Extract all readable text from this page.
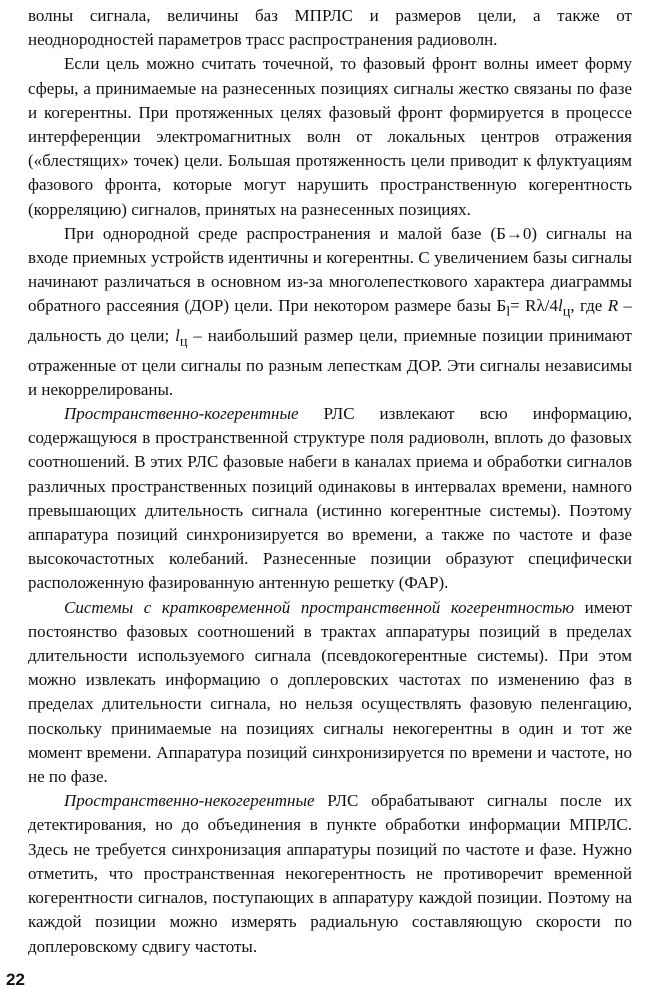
волны сигнала, величины баз МПРЛС и размеров цели, а также от неоднородностей параметров трасс распространения радиоволн.

Если цель можно считать точечной, то фазовый фронт волны имеет форму сферы, а принимаемые на разнесенных позициях сигналы жестко связаны по фазе и когерентны. При протяженных целях фазовый фронт формируется в процессе интерференции электромагнитных волн от локальных центров отражения («блестящих» точек) цели. Большая протяженность цели приводит к флуктуациям фазового фронта, которые могут нарушить пространственную когерентность (корреляцию) сигналов, принятых на разнесенных позициях.

При однородной среде распространения и малой базе (Б→0) сигналы на входе приемных устройств идентичны и когерентны. С увеличением базы сигналы начинают различаться в основном из-за многолепесткового характера диаграммы обратного рассеяния (ДОР) цели. При некотором размере базы $Б_l= R\lambda/4l_ц$, где R – дальность до цели; $l_ц$ – наибольший размер цели, приемные позиции принимают отраженные от цели сигналы по разным лепесткам ДОР. Эти сигналы независимы и некоррелированы.

Пространственно-когерентные РЛС извлекают всю информацию, содержащуюся в пространственной структуре поля радиоволн, вплоть до фазовых соотношений. В этих РЛС фазовые набеги в каналах приема и обработки сигналов различных пространственных позиций одинаковы в интервалах времени, намного превышающих длительность сигнала (истинно когерентные системы). Поэтому аппаратура позиций синхронизируется во времени, а также по частоте и фазе высокочастотных колебаний. Разнесенные позиции образуют специфически расположенную фазированную антенную решетку (ФАР).

Системы с кратковременной пространственной когерентностью имеют постоянство фазовых соотношений в трактах аппаратуры позиций в пределах длительности используемого сигнала (псевдокогерентные системы). При этом можно извлекать информацию о доплеровских частотах по изменению фаз в пределах длительности сигнала, но нельзя осуществлять фазовую пеленгацию, поскольку принимаемые на позициях сигналы некогерентны в один и тот же момент времени. Аппаратура позиций синхронизируется по времени и частоте, но не по фазе.

Пространственно-некогерентные РЛС обрабатывают сигналы после их детектирования, но до объединения в пункте обработки информации МПРЛС. Здесь не требуется синхронизация аппаратуры позиций по частоте и фазе. Нужно отметить, что пространственная некогерентность не противоречит временной когерентности сигналов, поступающих в аппаратуру каждой позиции. Поэтому на каждой позиции можно измерять радиальную составляющую скорости по доплеровскому сдвигу частоты.

22
